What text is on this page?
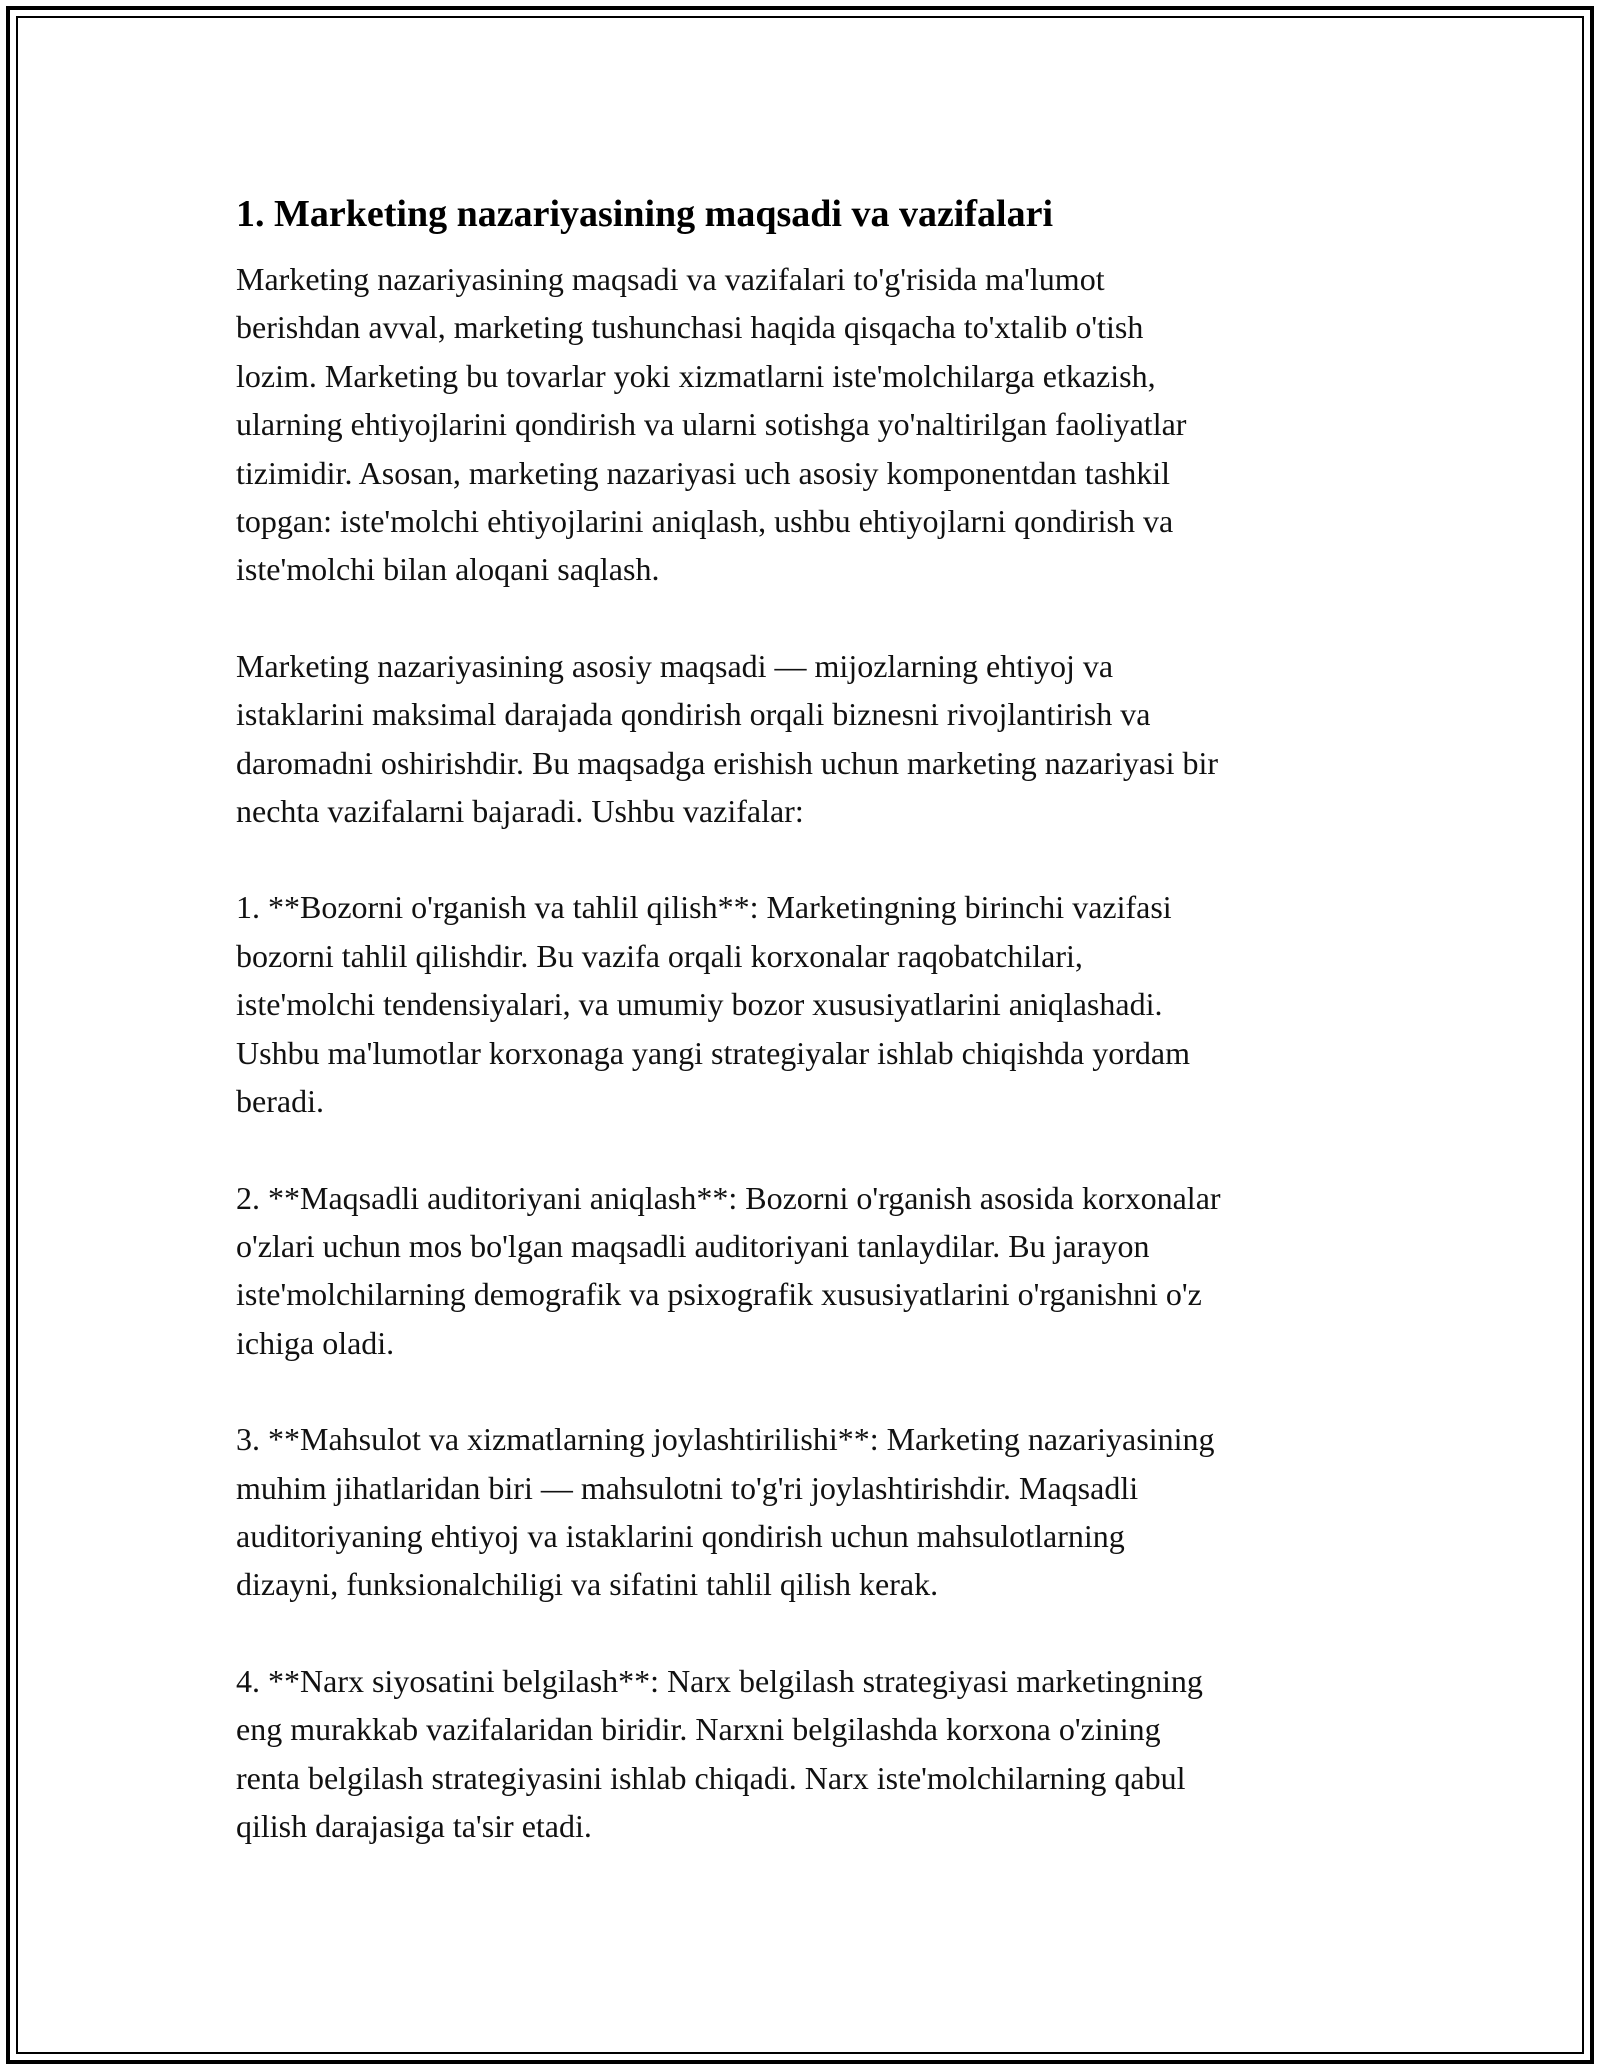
1. Marketing nazariyasining maqsadi va vazifalari

Marketing nazariyasining maqsadi va vazifalari to'g'risida ma'lumot
berishdan avval, marketing tushunchasi haqida qisqacha to'xtalib o'tish
lozim. Marketing bu tovarlar yoki xizmatlarni iste'molchilarga etkazish,
ularning ehtiyojlarini qondirish va ularni sotishga yo'naltirilgan faoliyatlar
tizimidir. Asosan, marketing nazariyasi uch asosiy komponentdan tashkil
topgan: iste'molchi ehtiyojlarini aniqlash, ushbu ehtiyojlarni qondirish va
iste'molchi bilan aloqani saqlash.

Marketing nazariyasining asosiy maqsadi — mijozlarning ehtiyoj va
istaklarini maksimal darajada qondirish orqali biznesni rivojlantirish va
daromadni oshirishdir. Bu maqsadga erishish uchun marketing nazariyasi bir
nechta vazifalarni bajaradi. Ushbu vazifalar:

1. **Bozorni o'rganish va tahlil qilish**: Marketingning birinchi vazifasi
bozorni tahlil qilishdir. Bu vazifa orqali korxonalar raqobatchilari,
iste'molchi tendensiyalari, va umumiy bozor xususiyatlarini aniqlashadi.
Ushbu ma'lumotlar korxonaga yangi strategiyalar ishlab chiqishda yordam
beradi.

2. **Maqsadli auditoriyani aniqlash**: Bozorni o'rganish asosida korxonalar
o'zlari uchun mos bo'lgan maqsadli auditoriyani tanlaydilar. Bu jarayon
iste'molchilarning demografik va psixografik xususiyatlarini o'rganishni o'z
ichiga oladi.

3. **Mahsulot va xizmatlarning joylashtirilishi**: Marketing nazariyasining
muhim jihatlaridan biri — mahsulotni to'g'ri joylashtirishdir. Maqsadli
auditoriyaning ehtiyoj va istaklarini qondirish uchun mahsulotlarning
dizayni, funksionalchiligi va sifatini tahlil qilish kerak.

4. **Narx siyosatini belgilash**: Narx belgilash strategiyasi marketingning
eng murakkab vazifalaridan biridir. Narxni belgilashda korxona o'zining
renta belgilash strategiyasini ishlab chiqadi. Narx iste'molchilarning qabul
qilish darajasiga ta'sir etadi.
